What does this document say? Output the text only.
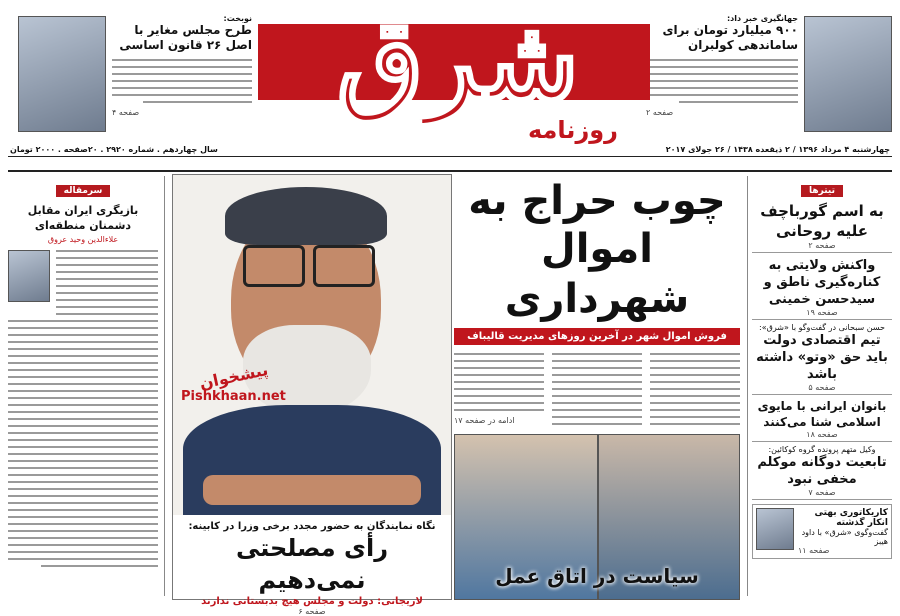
جهانگیری خبر داد:
۹۰۰ میلیارد تومان برای ساماندهی کولبران
صفحه ۲
شرق
روزنامه
نوبخت:
طرح مجلس مغایر با اصل ۲۶ قانون اساسی
صفحه ۴
چهارشنبه ۴ مرداد ۱۳۹۶ / ۲ ذیقعده ۱۴۳۸ / ۲۶ جولای ۲۰۱۷
سال چهاردهم . شماره ۲۹۲۰ . ۲۰صفحه . ۲۰۰۰ تومان
تیترها
به اسم گورباچف علیه روحانی
صفحه ۲
واکنش ولایتی به کناره‌گیری ناطق و سیدحسن خمینی
صفحه ۱۹
حسن سبحانی در گفت‌وگو با «شرق»:
تیم اقتصادی دولت باید حق «وتو» داشته باشد
صفحه ۵
بانوان ایرانی با مایوی اسلامی شنا می‌کنند
صفحه ۱۸
وکیل متهم پرونده گروه کوکائین:
تابعیت دوگانه موکلم مخفی نبود
صفحه ۷
کاریکاتوری بهتی انکار گذشته
گفت‌وگوی «شرق» با داود هیبز
صفحه ۱۱
چوب حراج به
اموال شهرداری
فروش اموال شهر در آخرین روزهای مدیریت قالیباف
ادامه در صفحه ۱۷
سیاست در اتاق عمل
پیشخوان
Pishkhaan.net
نگاه نمایندگان به حضور مجدد برخی وزرا در کابینه:
رأی مصلحتی نمی‌دهیم
لاریجانی: دولت و مجلس هیچ بدبستانی ندارند
صفحه ۶
سرمقاله
بازیگری ایران مقابل دشمنان منطقه‌ای
علاءالدین وحید عروق
